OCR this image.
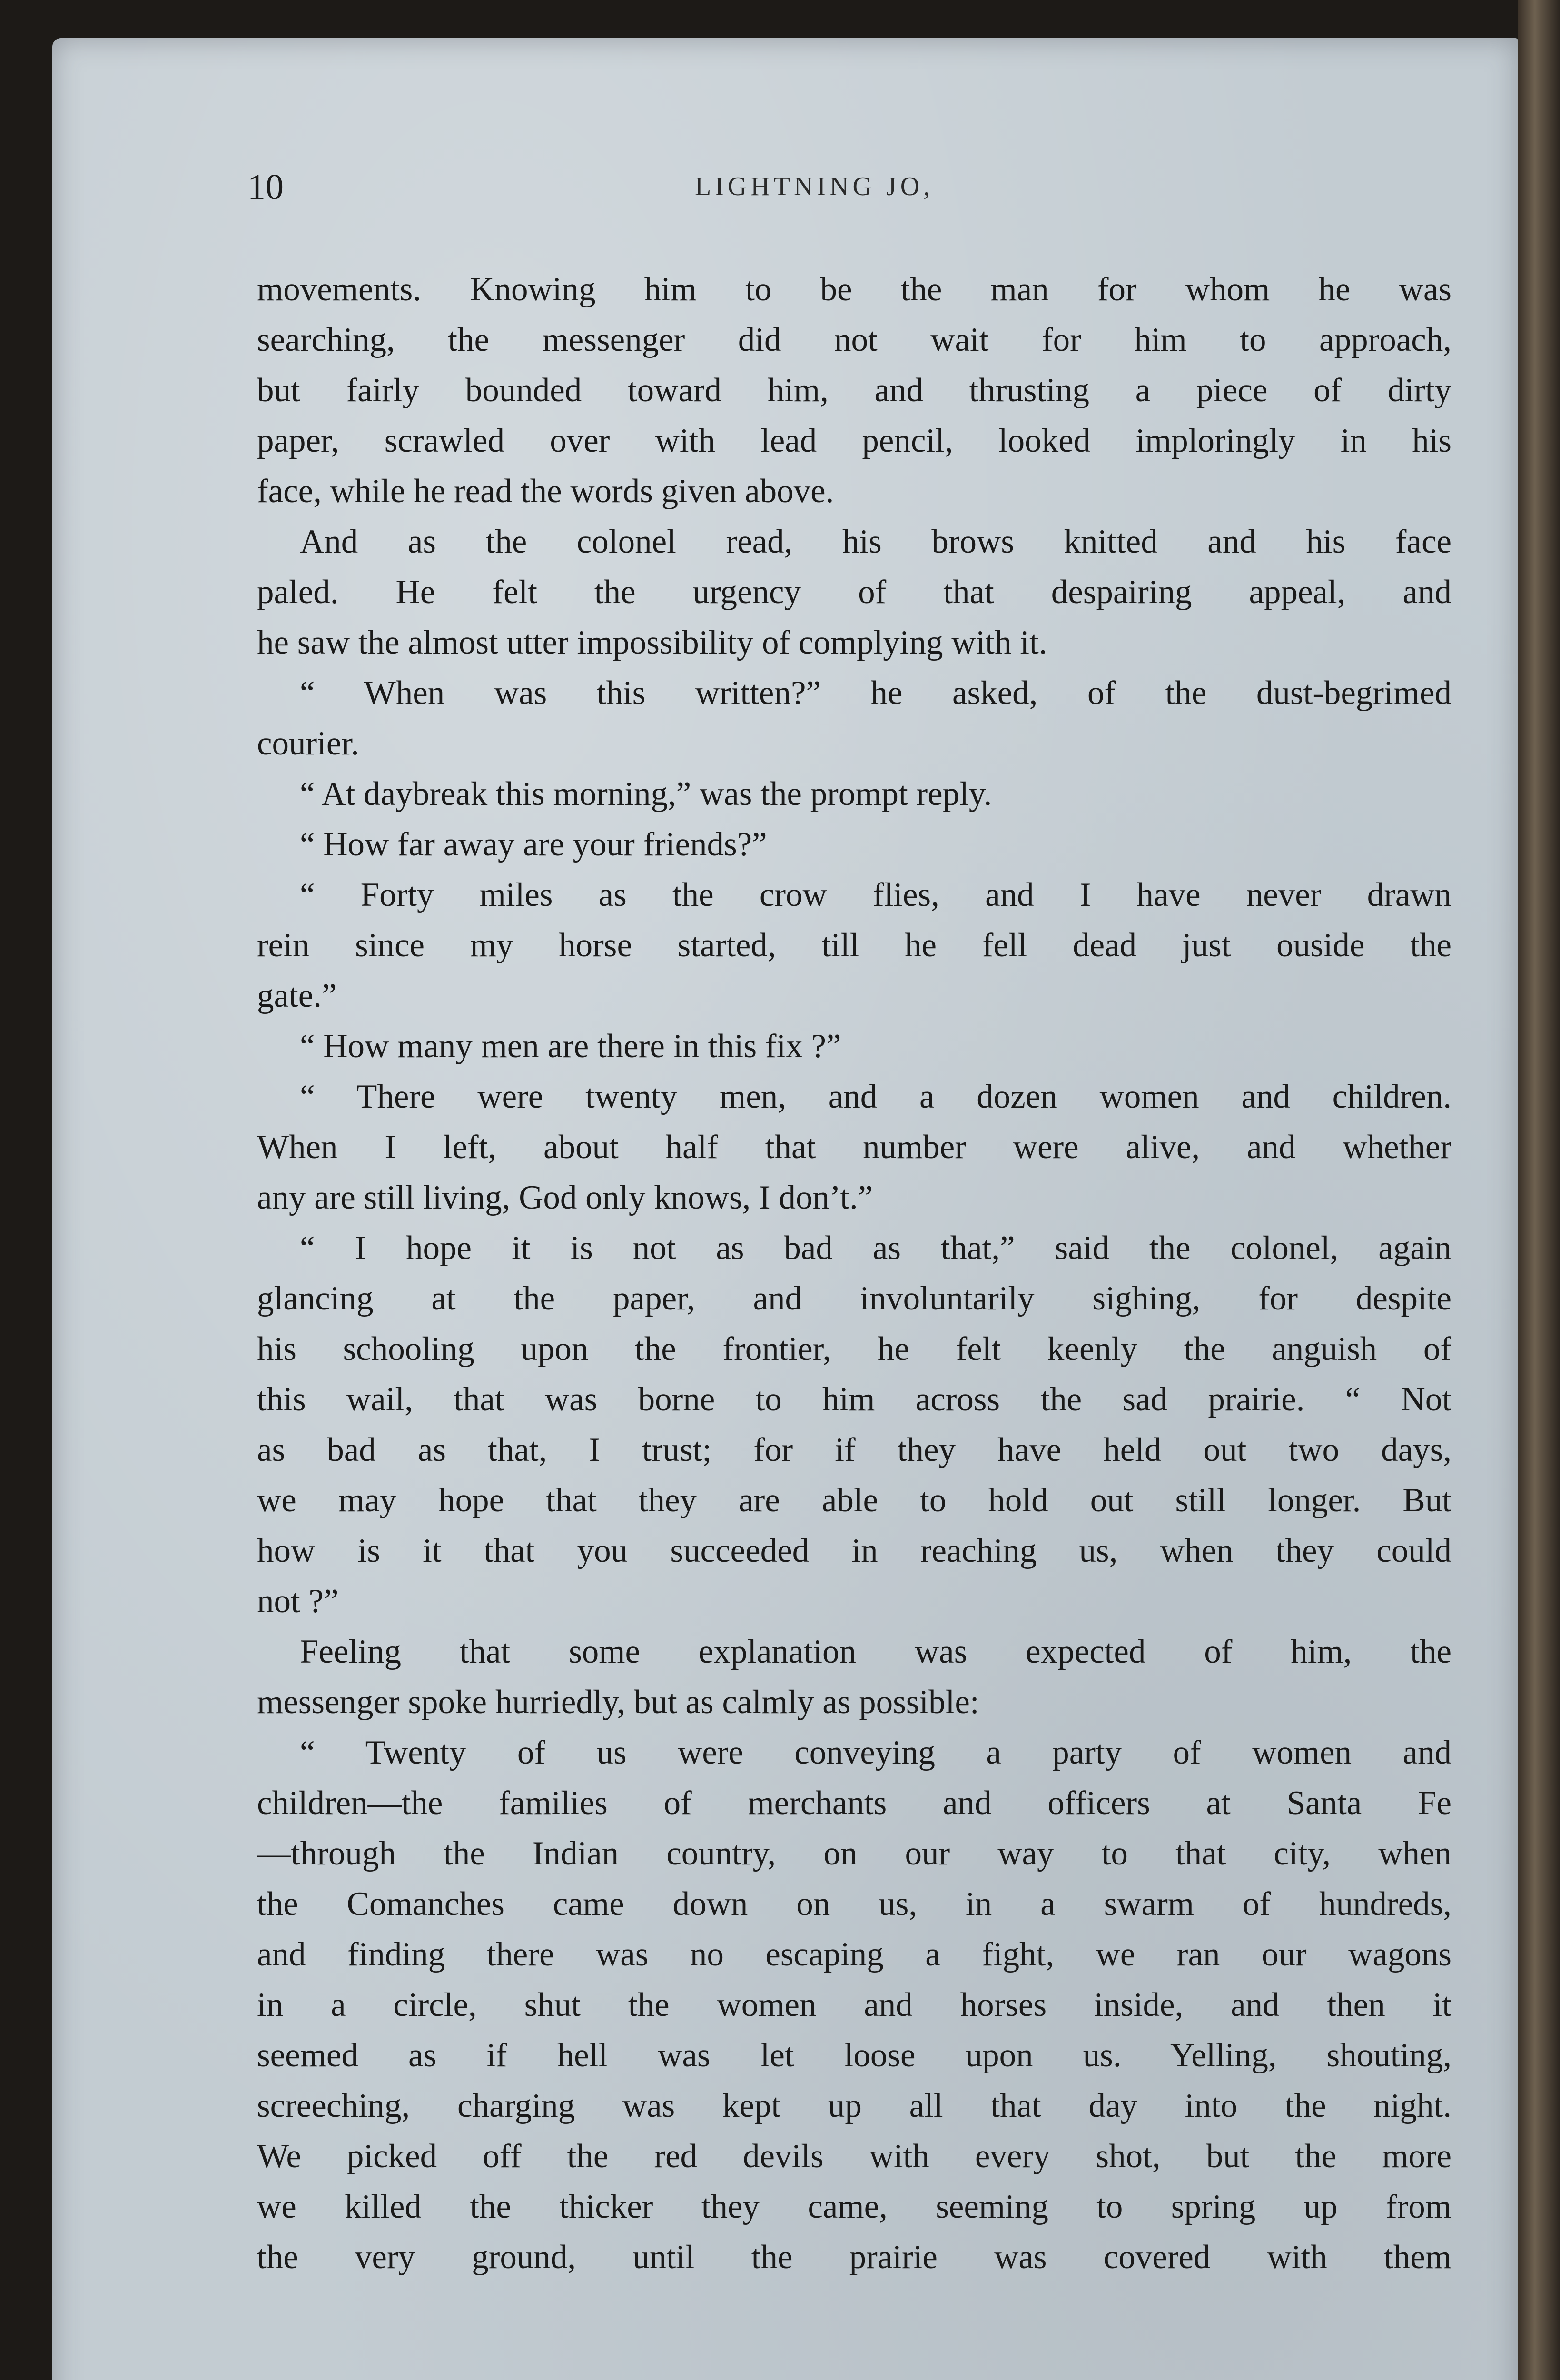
10	LIGHTNING JO,
movements. Knowing him to be the man for whom he was
searching, the messenger did not wait for him to approach,
but fairly bounded toward him, and thrusting a piece of dirty
paper, scrawled over with lead pencil, looked imploringly in his
face, while he read the words given above.
And as the colonel read, his brows knitted and his face
paled. He felt the urgency of that despairing appeal, and
he saw the almost utter impossibility of complying with it.
“ When was this written?” he asked, of the dust-begrimed
courier.
“ At daybreak this morning,” was the prompt reply.
“ How far away are your friends?”
“ Forty miles as the crow flies, and I have never drawn
rein since my horse started, till he fell dead just ouside the
gate.”
“ How many men are there in this fix ?”
“ There were twenty men, and a dozen women and children.
When I left, about half that number were alive, and whether
any are still living, God only knows, I don’t.”
“ I hope it is not as bad as that,” said the colonel, again
glancing at the paper, and involuntarily sighing, for despite
his schooling upon the frontier, he felt keenly the anguish of
this wail, that was borne to him across the sad prairie. “ Not
as bad as that, I trust; for if they have held out two days,
we may hope that they are able to hold out still longer. But
how is it that you succeeded in reaching us, when they could
not ?”
Feeling that some explanation was expected of him, the
messenger spoke hurriedly, but as calmly as possible:
“ Twenty of us were conveying a party of women and
children—the families of merchants and officers at Santa Fe
—through the Indian country, on our way to that city, when
the Comanches came down on us, in a swarm of hundreds,
and finding there was no escaping a fight, we ran our wagons
in a circle, shut the women and horses inside, and then it
seemed as if hell was let loose upon us. Yelling, shouting,
screeching, charging was kept up all that day into the night.
We picked off the red devils with every shot, but the more
we killed the thicker they came, seeming to spring up from
the very ground, until the prairie was covered with them
